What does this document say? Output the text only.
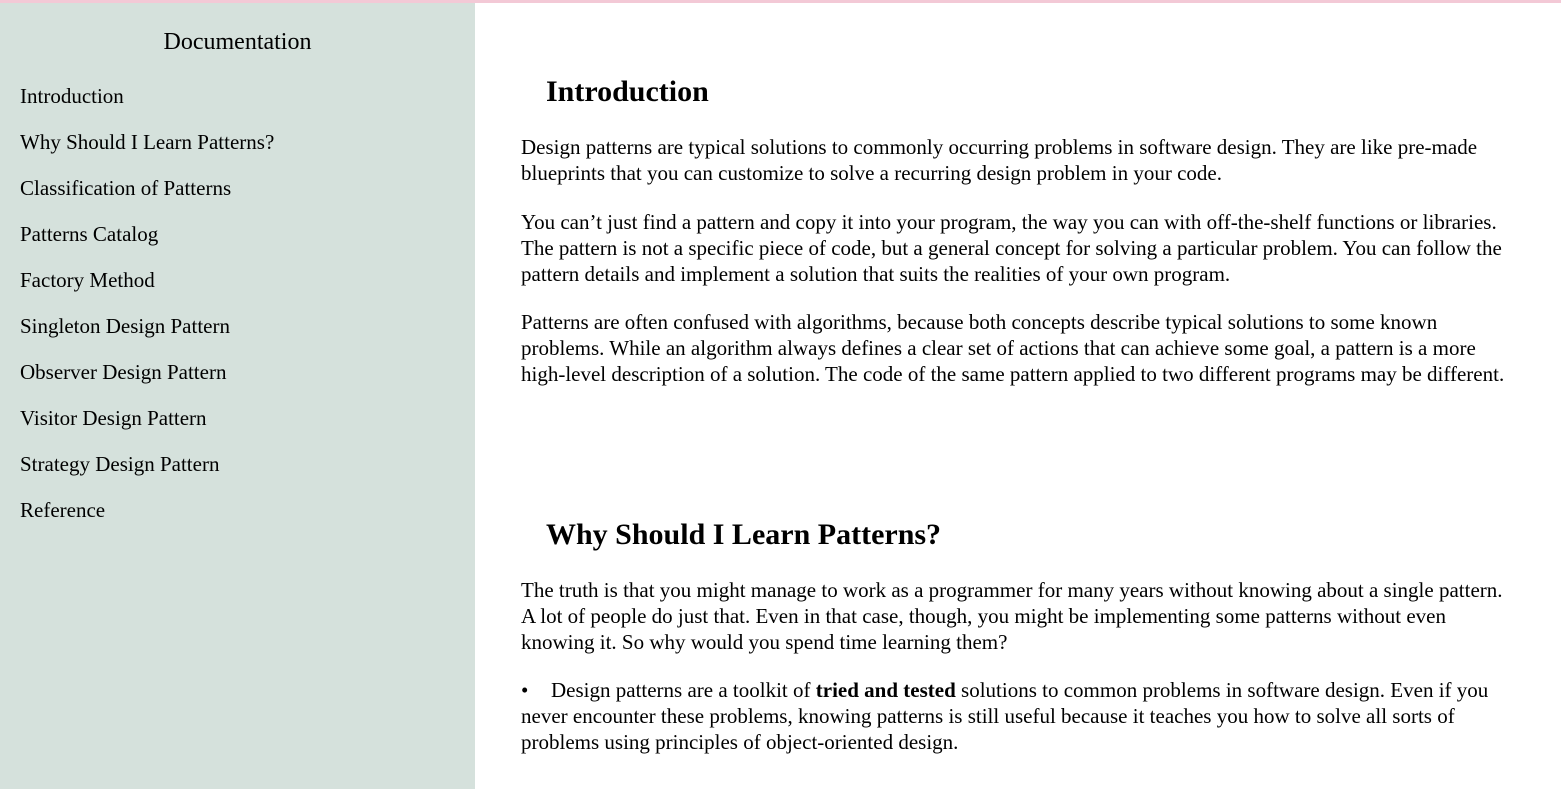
Documentation
Introduction
Why Should I Learn Patterns?
Classification of Patterns
Patterns Catalog
Factory Method
Singleton Design Pattern
Observer Design Pattern
Visitor Design Pattern
Strategy Design Pattern
Reference
Introduction

Design patterns are typical solutions to commonly occurring problems in software design. They are like pre-made blueprints that you can customize to solve a recurring design problem in your code.

You can’t just find a pattern and copy it into your program, the way you can with off-the-shelf functions or libraries. The pattern is not a specific piece of code, but a general concept for solving a particular problem. You can follow the pattern details and implement a solution that suits the realities of your own program.

Patterns are often confused with algorithms, because both concepts describe typical solutions to some known problems. While an algorithm always defines a clear set of actions that can achieve some goal, a pattern is a more high-level description of a solution. The code of the same pattern applied to two different programs may be different.

Why Should I Learn Patterns?

The truth is that you might manage to work as a programmer for many years without knowing about a single pattern. A lot of people do just that. Even in that case, though, you might be implementing some patterns without even knowing it. So why would you spend time learning them?

• Design patterns are a toolkit of tried and tested solutions to common problems in software design. Even if you never encounter these problems, knowing patterns is still useful because it teaches you how to solve all sorts of problems using principles of object-oriented design.
